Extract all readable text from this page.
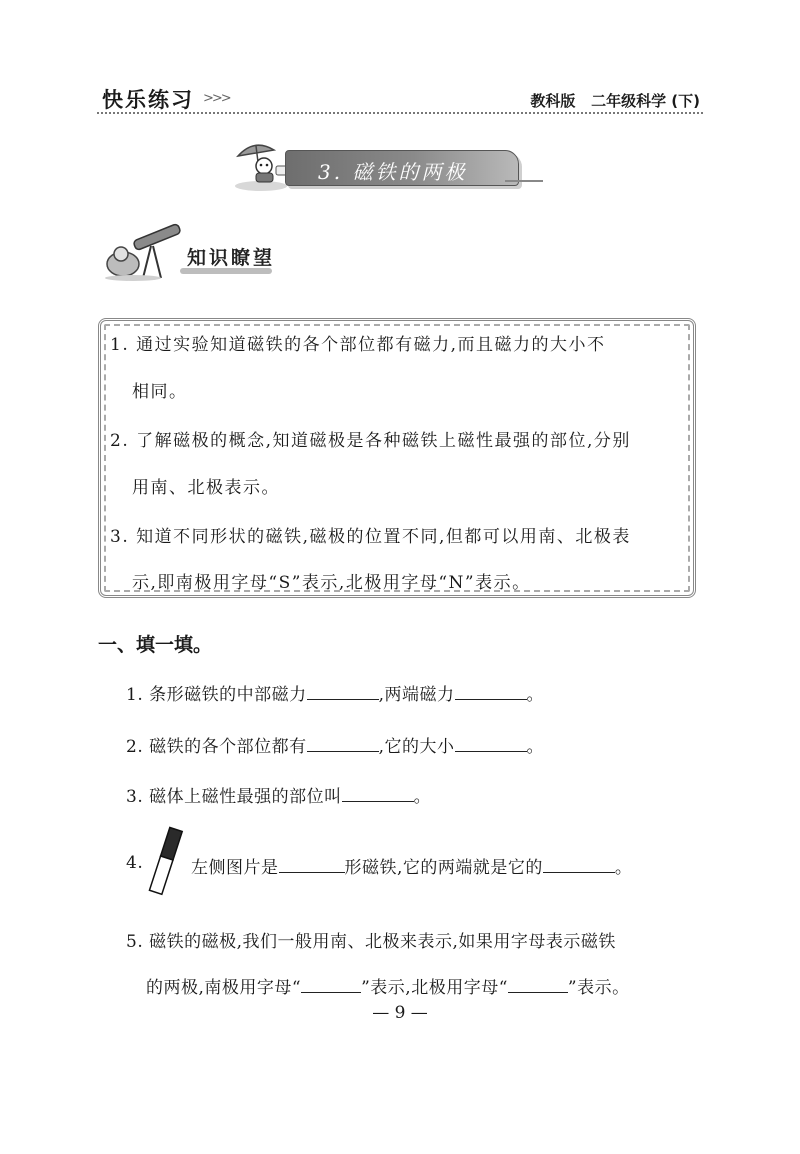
快乐练习 >>>	教科版 二年级科学 (下)
3. 磁铁的两极
知识瞭望
1. 通过实验知道磁铁的各个部位都有磁力,而且磁力的大小不
相同。
2. 了解磁极的概念,知道磁极是各种磁铁上磁性最强的部位,分别
用南、北极表示。
3. 知道不同形状的磁铁,磁极的位置不同,但都可以用南、北极表
示,即南极用字母“S”表示,北极用字母“N”表示。
一、填一填。
1. 条形磁铁的中部磁力	,两端磁力	。
2. 磁铁的各个部位都有	,它的大小	。
3. 磁体上磁性最强的部位叫	。
4.	左侧图片是	形磁铁,它的两端就是它的	。
5. 磁铁的磁极,我们一般用南、北极来表示,如果用字母表示磁铁
的两极,南极用字母“	”表示,北极用字母“	”表示。
— 9 —
